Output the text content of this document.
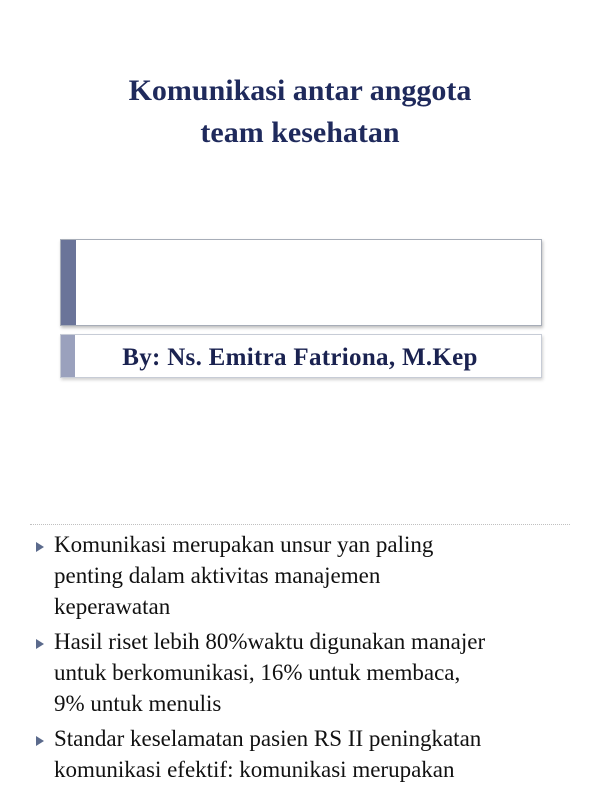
Komunikasi antar anggota
team kesehatan
By: Ns. Emitra Fatriona, M.Kep
Komunikasi merupakan unsur yan paling
penting dalam aktivitas manajemen
keperawatan
Hasil riset lebih 80%waktu digunakan manajer
untuk berkomunikasi, 16% untuk membaca,
9% untuk menulis
Standar keselamatan pasien RS II peningkatan
komunikasi efektif: komunikasi merupakan
